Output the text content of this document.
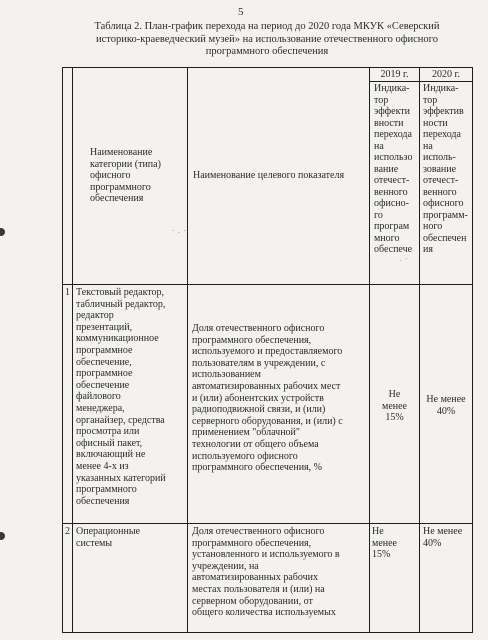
5
Таблица 2. План-график перехода на период до 2020 года МКУК «Северский
историко-краеведческий музей» на использование отечественного офисного
программного обеспечения
2019 г.	2020 г.
Наименование
категории (типа)
офисного
программного
обеспечения
Наименование целевого показателя
Индика-
тор
эффекти
вности
перехода
на
использо
вание
отечест-
венного
офисно-
го
програм
много
обеспече
Индика-
тор
эффектив
ности
перехода
на
исполь-
зование
отечест-
венного
офисного
программ-
ного
обеспечен
ия
1 Текстовый редактор,
табличный редактор,
редактор
презентаций,
коммуникационное
программное
обеспечение,
программное
обеспечение
файлового
менеджера,
органайзер, средства
просмотра или
офисный пакет,
включающий не
менее 4-х из
указанных категорий
программного
обеспечения
Доля отечественного офисного
программного обеспечения,
используемого и предоставляемого
пользователям в учреждении, с
использованием
автоматизированных рабочих мест
и (или) абонентских устройств
радиоподвижной связи, и (или)
серверного оборудования, и (или) с
применением "облачной"
технологии от общего объема
используемого офисного
программного обеспечения, %
Не
менее
15%
Не менее
40%
2 Операционные
системы
Доля отечественного офисного
программного обеспечения,
установленного и используемого в
учреждении, на
автоматизированных рабочих
местах пользователя и (или) на
серверном оборудовании, от
общего количества используемых
Не
менее
15%
Не менее
40%
· . ·
. ·
